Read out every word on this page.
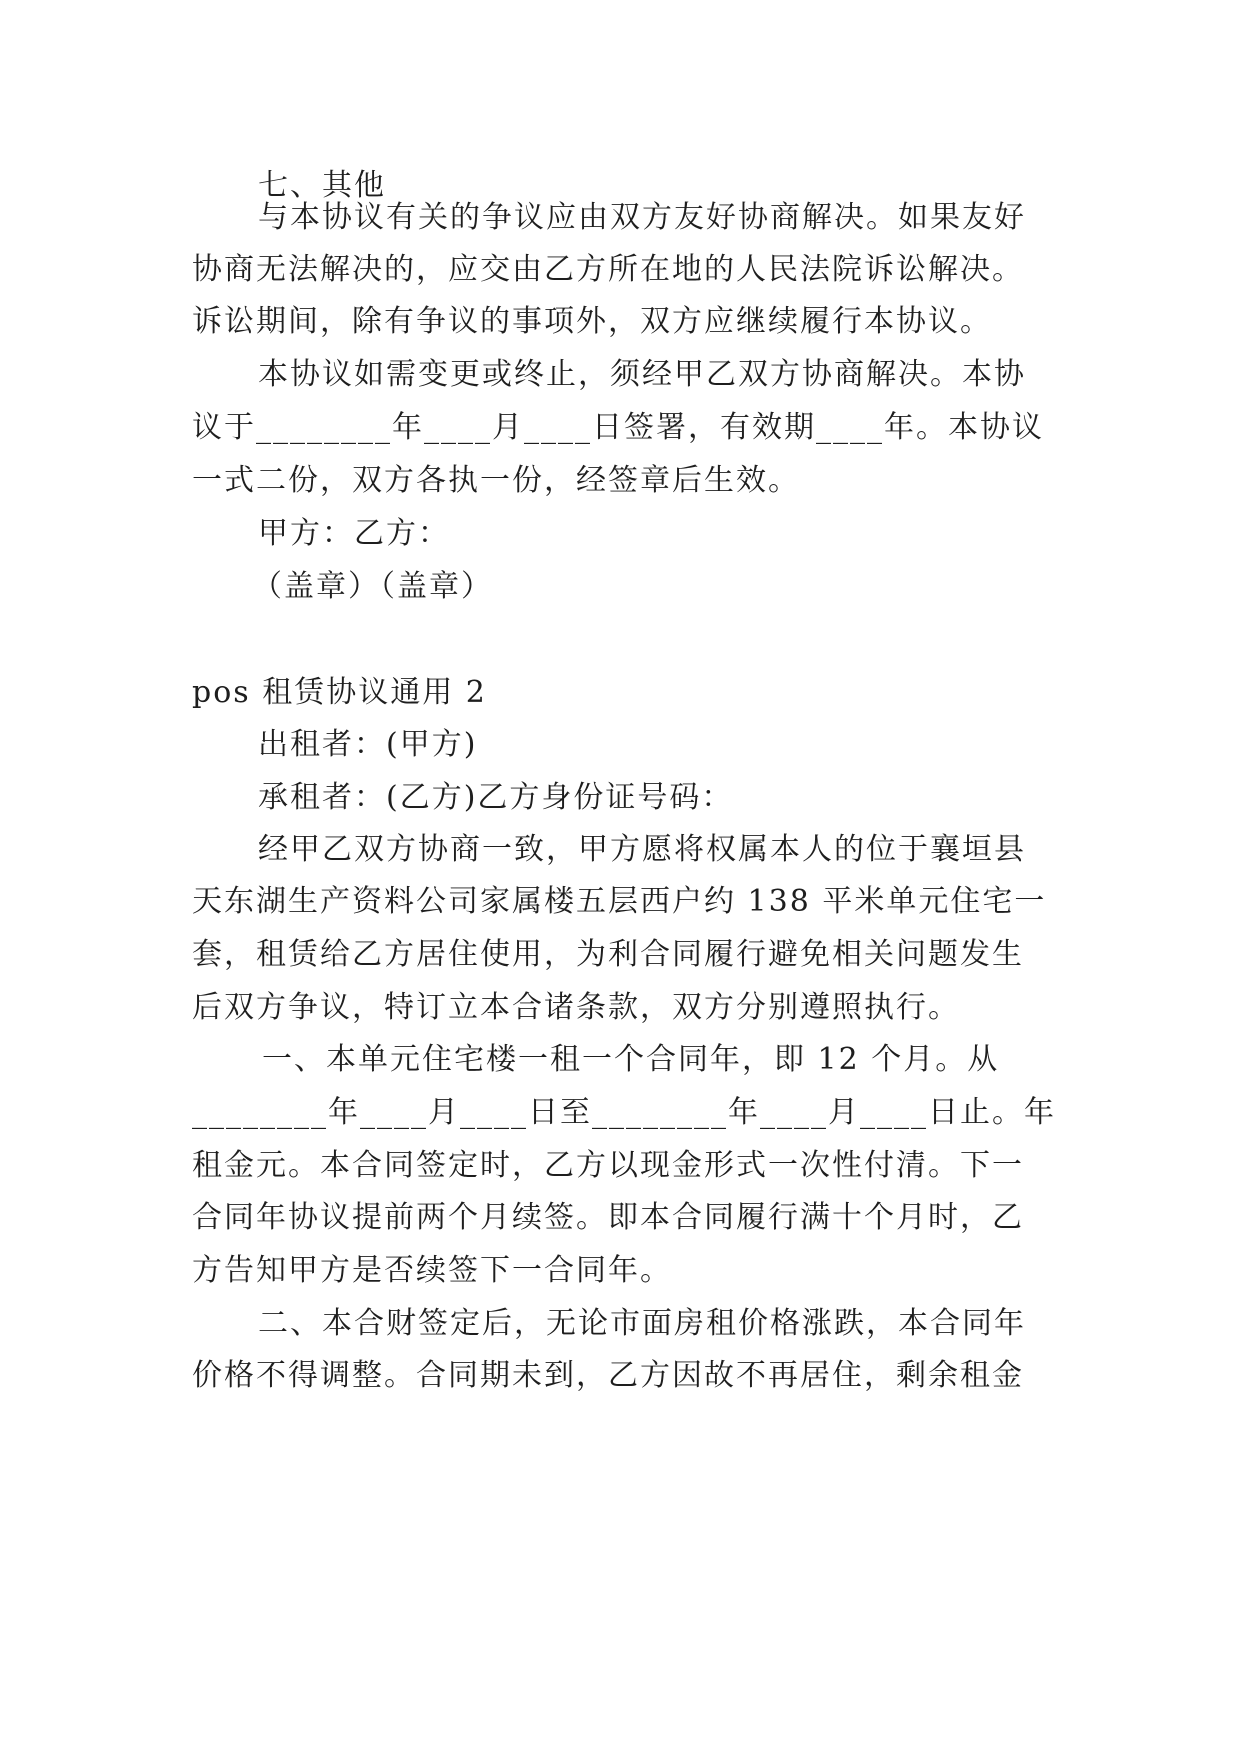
七、其他
与本协议有关的争议应由双方友好协商解决。如果友好
协商无法解决的，应交由乙方所在地的人民法院诉讼解决。
诉讼期间，除有争议的事项外，双方应继续履行本协议。
本协议如需变更或终止，须经甲乙双方协商解决。本协
议于________年____月____日签署，有效期____年。本协议
一式二份，双方各执一份，经签章后生效。
甲方：乙方：
（盖章）（盖章）
pos 租赁协议通用 2
出租者：(甲方)
承租者：(乙方)乙方身份证号码：
经甲乙双方协商一致，甲方愿将权属本人的位于襄垣县
天东湖生产资料公司家属楼五层西户约 138 平米单元住宅一
套，租赁给乙方居住使用，为利合同履行避免相关问题发生
后双方争议，特订立本合诸条款，双方分别遵照执行。
一、本单元住宅楼一租一个合同年，即 12 个月。从
________年____月____日至________年____月____日止。年
租金元。本合同签定时，乙方以现金形式一次性付清。下一
合同年协议提前两个月续签。即本合同履行满十个月时，乙
方告知甲方是否续签下一合同年。
二、本合财签定后，无论市面房租价格涨跌，本合同年
价格不得调整。合同期未到，乙方因故不再居住，剩余租金
